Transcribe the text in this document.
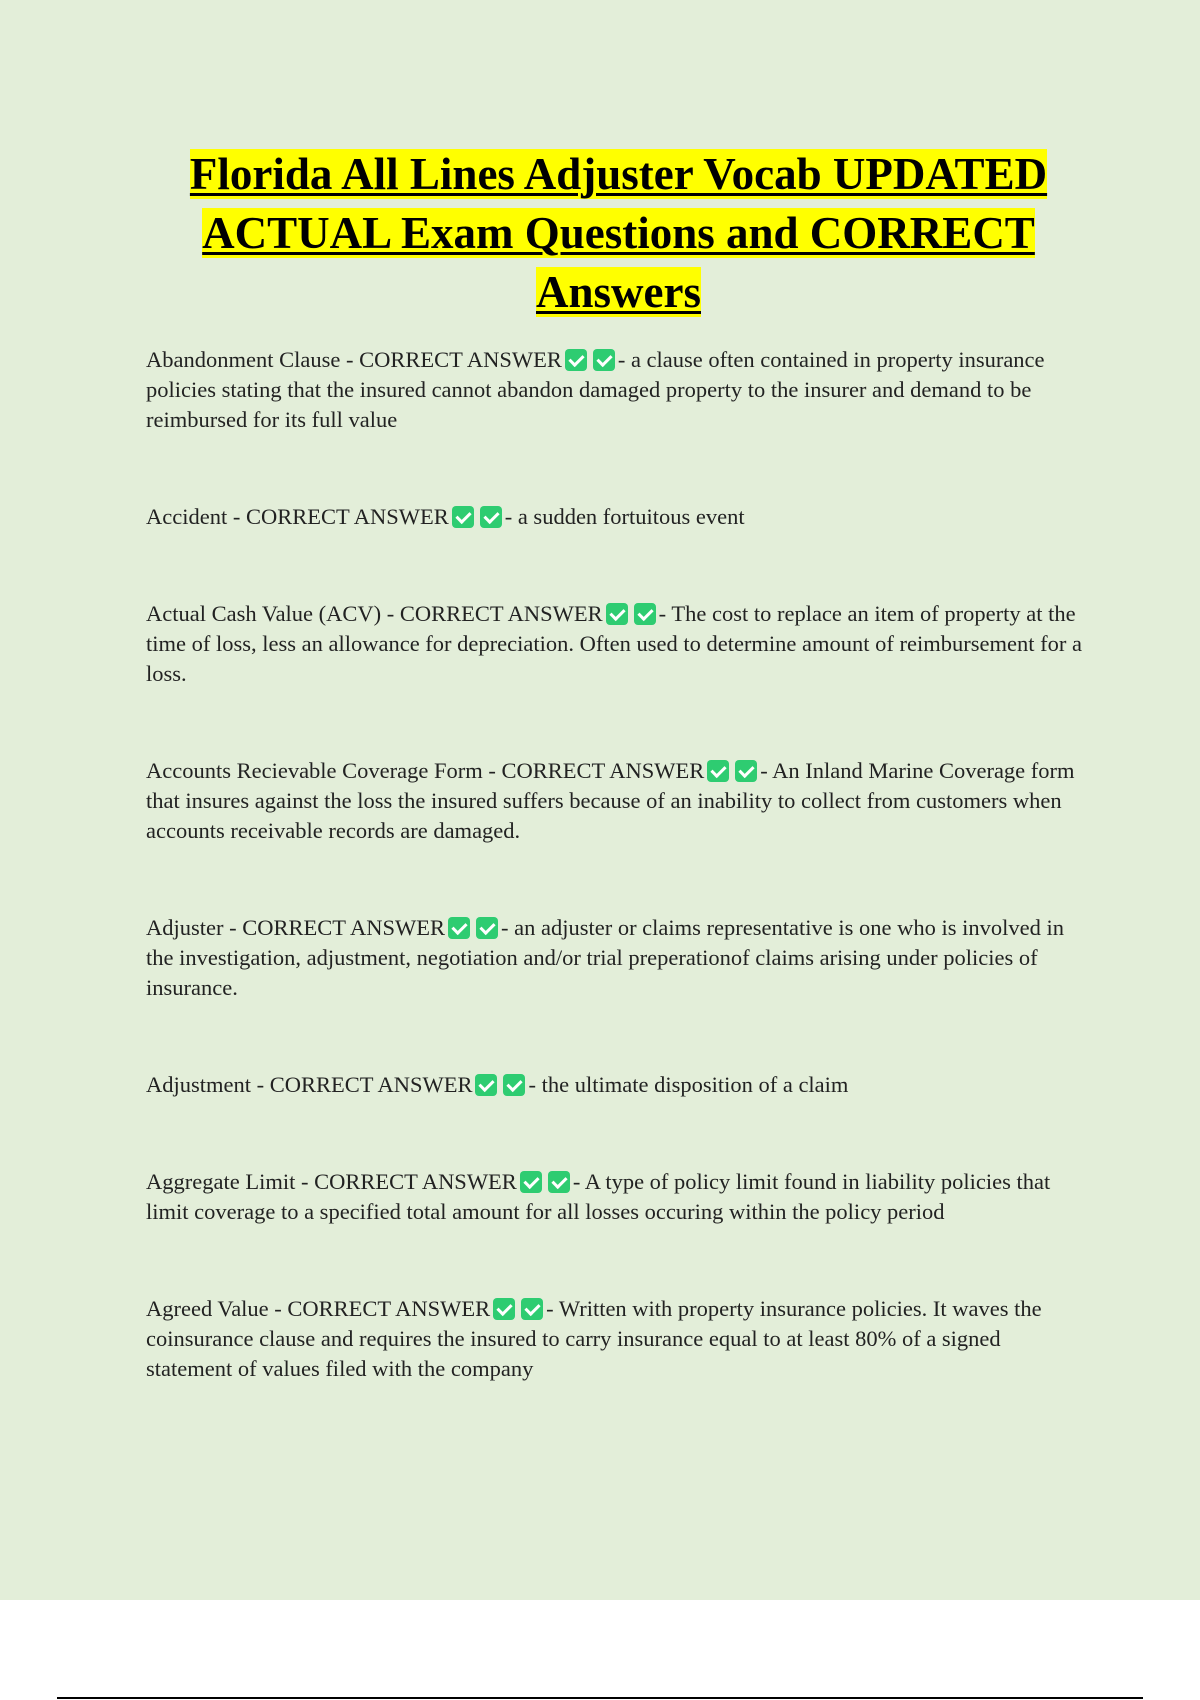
Florida All Lines Adjuster Vocab UPDATED ACTUAL Exam Questions and CORRECT Answers

Abandonment Clause - CORRECT ANSWER - a clause often contained in property insurance policies stating that the insured cannot abandon damaged property to the insurer and demand to be reimbursed for its full value

Accident - CORRECT ANSWER - a sudden fortuitous event

Actual Cash Value (ACV) - CORRECT ANSWER - The cost to replace an item of property at the time of loss, less an allowance for depreciation. Often used to determine amount of reimbursement for a loss.

Accounts Recievable Coverage Form - CORRECT ANSWER - An Inland Marine Coverage form that insures against the loss the insured suffers because of an inability to collect from customers when accounts receivable records are damaged.

Adjuster - CORRECT ANSWER - an adjuster or claims representative is one who is involved in the investigation, adjustment, negotiation and/or trial preperationof claims arising under policies of insurance.

Adjustment - CORRECT ANSWER - the ultimate disposition of a claim

Aggregate Limit - CORRECT ANSWER - A type of policy limit found in liability policies that limit coverage to a specified total amount for all losses occuring within the policy period

Agreed Value - CORRECT ANSWER - Written with property insurance policies. It waves the coinsurance clause and requires the insured to carry insurance equal to at least 80% of a signed statement of values filed with the company
